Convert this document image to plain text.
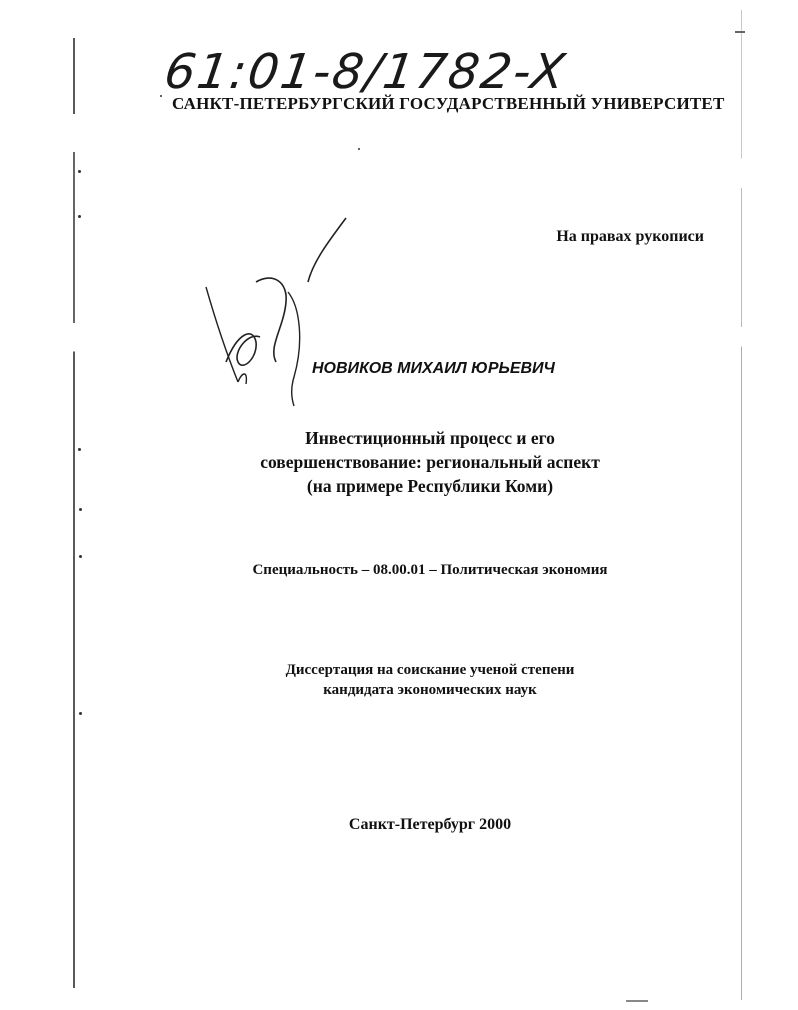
61:01-8/1782-X
САНКТ-ПЕТЕРБУРГСКИЙ ГОСУДАРСТВЕННЫЙ УНИВЕРСИТЕТ
На правах рукописи
НОВИКОВ МИХАИЛ ЮРЬЕВИЧ
Инвестиционный процесс и его
совершенствование: региональный аспект
(на примере Республики Коми)
Специальность – 08.00.01 – Политическая экономия
Диссертация на соискание ученой степени
кандидата экономических наук
Санкт-Петербург 2000
